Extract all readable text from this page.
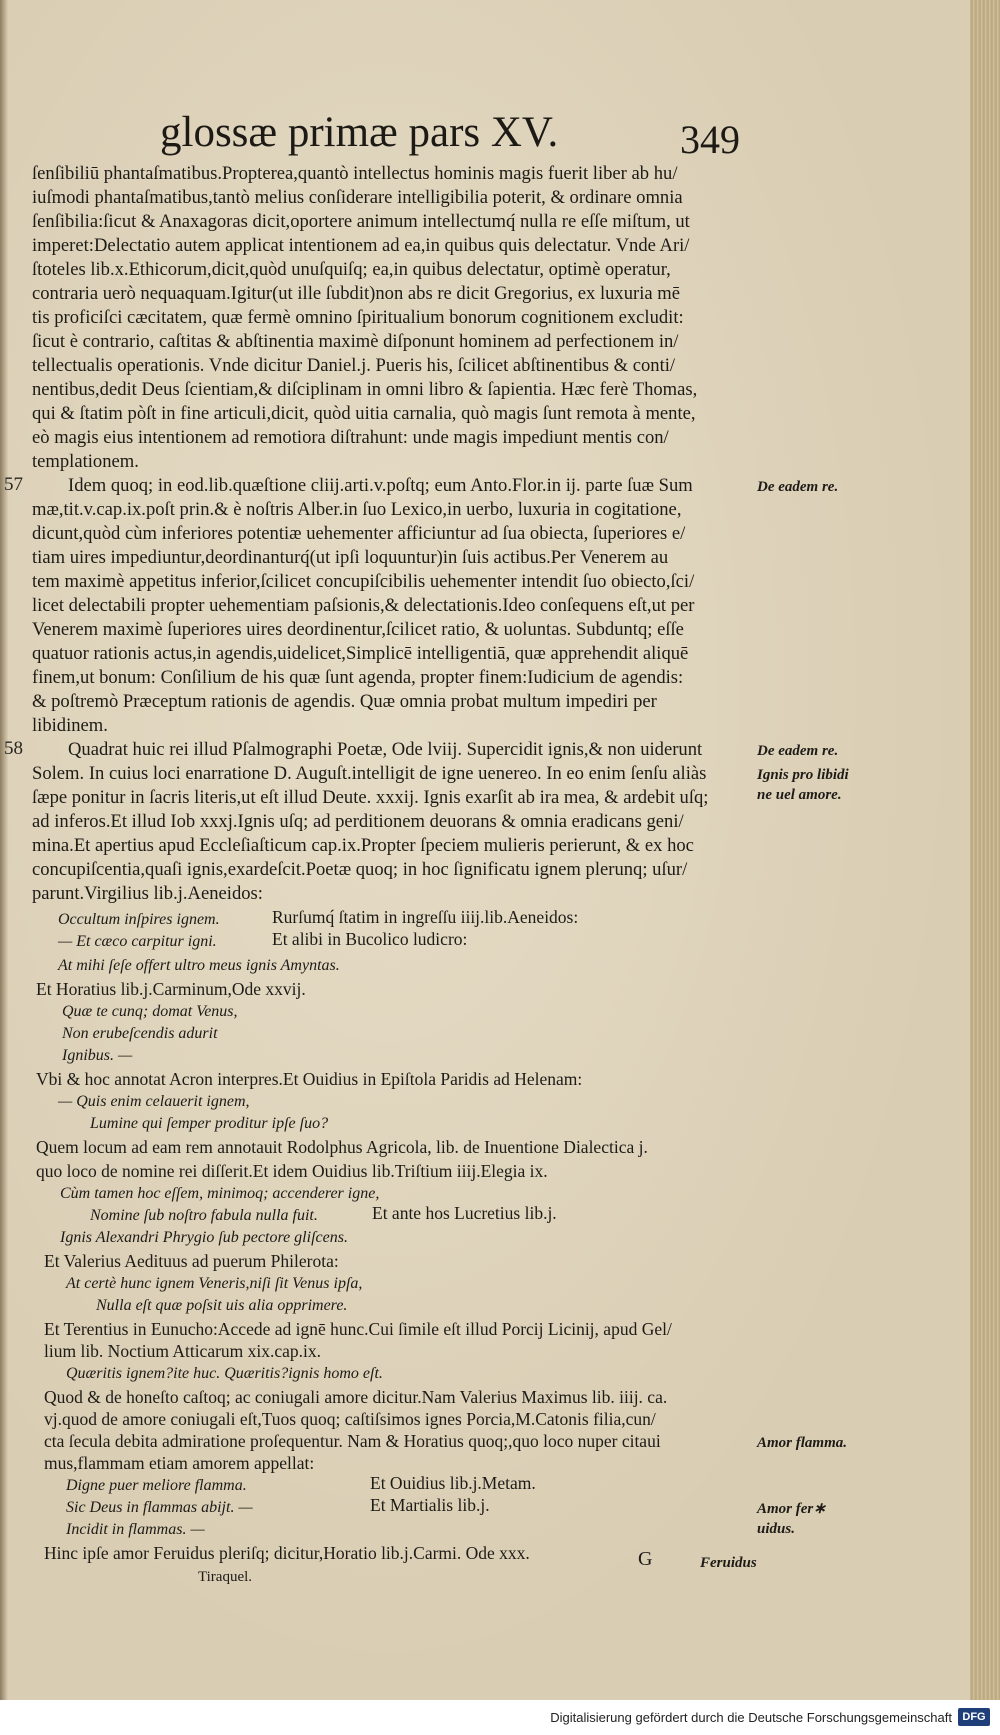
glossæ primæ pars XV.	349
ſenſibiliū phantaſmatibus.Propterea,quantò intellectus hominis magis fuerit liber ab hu/
iuſmodi phantaſmatibus,tantò melius conſiderare intelligibilia poterit, & ordinare omnia
ſenſibilia:ſicut & Anaxagoras dicit,oportere animum intellectumq́ nulla re eſſe miſtum, ut
imperet:Delectatio autem applicat intentionem ad ea,in quibus quis delectatur. Vnde Ari/
ſtoteles lib.x.Ethicorum,dicit,quòd unuſquiſq; ea,in quibus delectatur, optimè operatur,
contraria uerò nequaquam.Igitur(ut ille ſubdit)non abs re dicit Gregorius, ex luxuria mē
tis proficiſci cæcitatem, quæ fermè omnino ſpiritualium bonorum cognitionem excludit:
ſicut è contrario, caſtitas & abſtinentia maximè diſponunt hominem ad perfectionem in/
tellectualis operationis. Vnde dicitur Daniel.j. Pueris his, ſcilicet abſtinentibus & conti/
nentibus,dedit Deus ſcientiam,& diſciplinam in omni libro & ſapientia. Hæc ferè Thomas,
qui & ſtatim pòſt in fine articuli,dicit, quòd uitia carnalia, quò magis ſunt remota à mente,
eò magis eius intentionem ad remotiora diſtrahunt: unde magis impediunt mentis con/
templationem.
Idem quoq; in eod.lib.quæſtione cliij.arti.v.poſtq; eum Anto.Flor.in ij. parte ſuæ Sum
mæ,tit.v.cap.ix.poſt prin.& è noſtris Alber.in ſuo Lexico,in uerbo, luxuria in cogitatione,
dicunt,quòd cùm inferiores potentiæ uehementer afficiuntur ad ſua obiecta, ſuperiores e/
tiam uires impediuntur,deordinanturq́(ut ipſi loquuntur)in ſuis actibus.Per Venerem au
tem maximè appetitus inferior,ſcilicet concupiſcibilis uehementer intendit ſuo obiecto,ſci/
licet delectabili propter uehementiam paſsionis,& delectationis.Ideo conſequens eſt,ut per
Venerem maximè ſuperiores uires deordinentur,ſcilicet ratio, & uoluntas. Subduntq; eſſe
quatuor rationis actus,in agendis,uidelicet,Simplicē intelligentiā, quæ apprehendit aliquē
finem,ut bonum: Conſilium de his quæ ſunt agenda, propter finem:Iudicium de agendis:
& poſtremò Præceptum rationis de agendis. Quæ omnia probat multum impediri per
libidinem.
Quadrat huic rei illud Pſalmographi Poetæ, Ode lviij. Supercidit ignis,& non uiderunt
Solem. In cuius loci enarratione D. Auguſt.intelligit de igne uenereo. In eo enim ſenſu aliàs
ſæpe ponitur in ſacris literis,ut eſt illud Deute. xxxij. Ignis exarſit ab ira mea, & ardebit uſq;
ad inferos.Et illud Iob xxxj.Ignis uſq; ad perditionem deuorans & omnia eradicans geni/
mina.Et apertius apud Eccleſiaſticum cap.ix.Propter ſpeciem mulieris perierunt, & ex hoc
concupiſcentia,quaſi ignis,exardeſcit.Poetæ quoq; in hoc ſignificatu ignem plerunq; uſur/
parunt.Virgilius lib.j.Aeneidos:
Occultum inſpires ignem.	Rurſumq́ ſtatim in ingreſſu iiij.lib.Aeneidos:
— Et cæco carpitur igni.	Et alibi in Bucolico ludicro:
At mihi ſeſe offert ultro meus ignis Amyntas.
Et Horatius lib.j.Carminum,Ode xxvij.
Quæ te cunq; domat Venus,
Non erubeſcendis adurit
Ignibus. —
Vbi & hoc annotat Acron interpres.Et Ouidius in Epiſtola Paridis ad Helenam:
— Quis enim celauerit ignem,
Lumine qui ſemper proditur ipſe ſuo?
Quem locum ad eam rem annotauit Rodolphus Agricola, lib. de Inuentione Dialectica j.
quo loco de nomine rei diſſerit.Et idem Ouidius lib.Triſtium iiij.Elegia ix.
Cùm tamen hoc eſſem, minimoq; accenderer igne,
Nomine ſub noſtro fabula nulla fuit.	Et ante hos Lucretius lib.j.
Ignis Alexandri Phrygio ſub pectore gliſcens.
Et Valerius Aedituus ad puerum Philerota:
At certè hunc ignem Veneris,niſi ſit Venus ipſa,
Nulla eſt quæ poſsit uis alia opprimere.
Et Terentius in Eunucho:Accede ad ignē hunc.Cui ſimile eſt illud Porcij Licinij, apud Gel/
lium lib. Noctium Atticarum xix.cap.ix.
Quæritis ignem?ite huc. Quæritis?ignis homo eſt.
Quod & de honeſto caſtoq; ac coniugali amore dicitur.Nam Valerius Maximus lib. iiij. ca.
vj.quod de amore coniugali eſt,Tuos quoq; caſtiſsimos ignes Porcia,M.Catonis filia,cun/
cta ſecula debita admiratione proſequentur. Nam & Horatius quoq;,quo loco nuper citaui
mus,flammam etiam amorem appellat:
Digne puer meliore flamma.	Et Ouidius lib.j.Metam.
Sic Deus in flammas abijt. —	Et Martialis lib.j.
Incidit in flammas. —
Hinc ipſe amor Feruidus pleriſq; dicitur,Horatio lib.j.Carmi. Ode xxx.	G
Tiraquel.
Feruidus
57
58
De eadem re.
De eadem re.
Ignis pro libidi
ne uel amore.
Amor flamma.
Amor fer∗
uidus.
Digitalisierung gefördert durch die Deutsche Forschungsgemeinschaft DFG
